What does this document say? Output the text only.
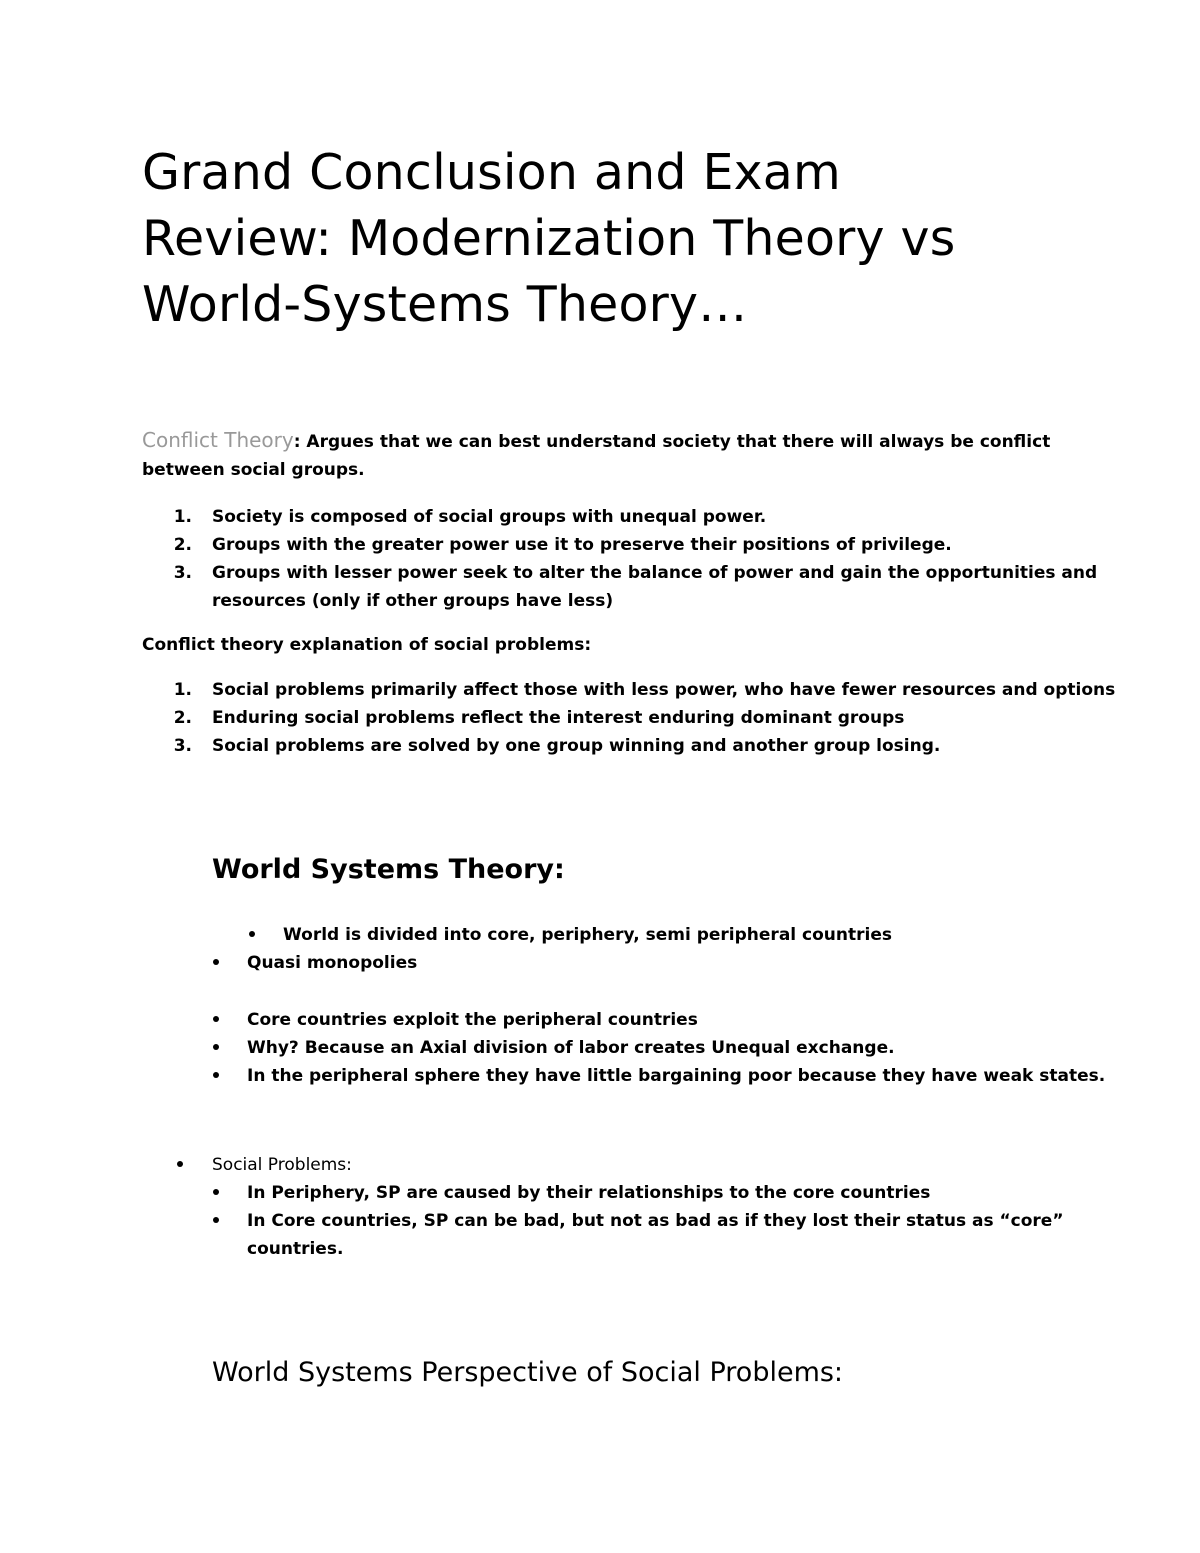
Grand Conclusion and Exam
Review: Modernization Theory vs
World-Systems Theory…
Conflict Theory: Argues that we can best understand society that there will always be conflict
between social groups.
1. Society is composed of social groups with unequal power.
2. Groups with the greater power use it to preserve their positions of privilege.
3. Groups with lesser power seek to alter the balance of power and gain the opportunities and
resources (only if other groups have less)
Conflict theory explanation of social problems:
1. Social problems primarily affect those with less power, who have fewer resources and options
2. Enduring social problems reflect the interest enduring dominant groups
3. Social problems are solved by one group winning and another group losing.
World Systems Theory:
World is divided into core, periphery, semi peripheral countries
Quasi monopolies
Core countries exploit the peripheral countries
Why? Because an Axial division of labor creates Unequal exchange.
In the peripheral sphere they have little bargaining poor because they have weak states.
Social Problems:
In Periphery, SP are caused by their relationships to the core countries
In Core countries, SP can be bad, but not as bad as if they lost their status as “core”
countries.
World Systems Perspective of Social Problems:
